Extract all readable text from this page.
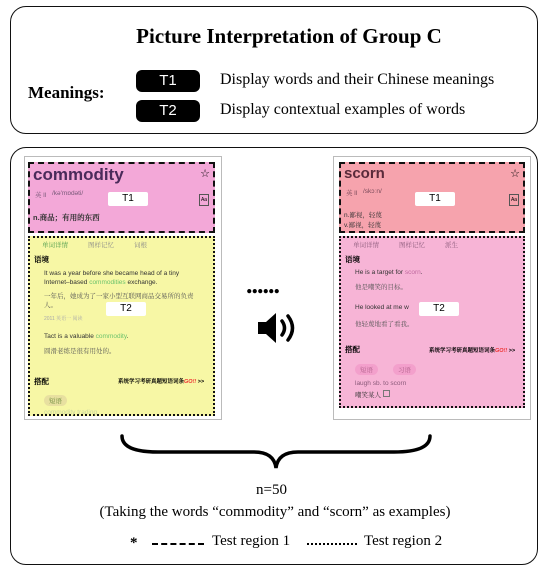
Picture Interpretation of Group C
Meanings:
T1	Display words and their Chinese meanings
T2	Display contextual examples of words
commodity	☆
英 ll /kə'mɒdəti/	T1	Aa
n.商品；有用的东西
单词详情	图样记忆	词根
语境
It was a year before she became head of a tiny
Internet–based commodities exchange.
一年后，她成为了一家小型互联网商品交易所的负责人。
2011 英语一 阅读
T2
Tact is a valuable commodity.
圆滑老练是很有用处的。
搭配	系统学习考研真题短语词条GO!! >>
短语
commodity trading
scorn	☆
英 ll /skɔːn/
T1	Aa
n.鄙视，轻蔑
v.鄙视，轻蔑
单词详情	图样记忆	派生
语境
He is a target for scorn.
他是嘲笑的目标。
He looked at me w	T2
他轻蔑地看了看我。
搭配	系统学习考研真题短语词条GO!! >>
短语	习语
laugh sb. to scorn
嘲笑某人
......
n=50
(Taking the words “commodity” and “scorn” as examples)
*	Test region 1	Test region 2
